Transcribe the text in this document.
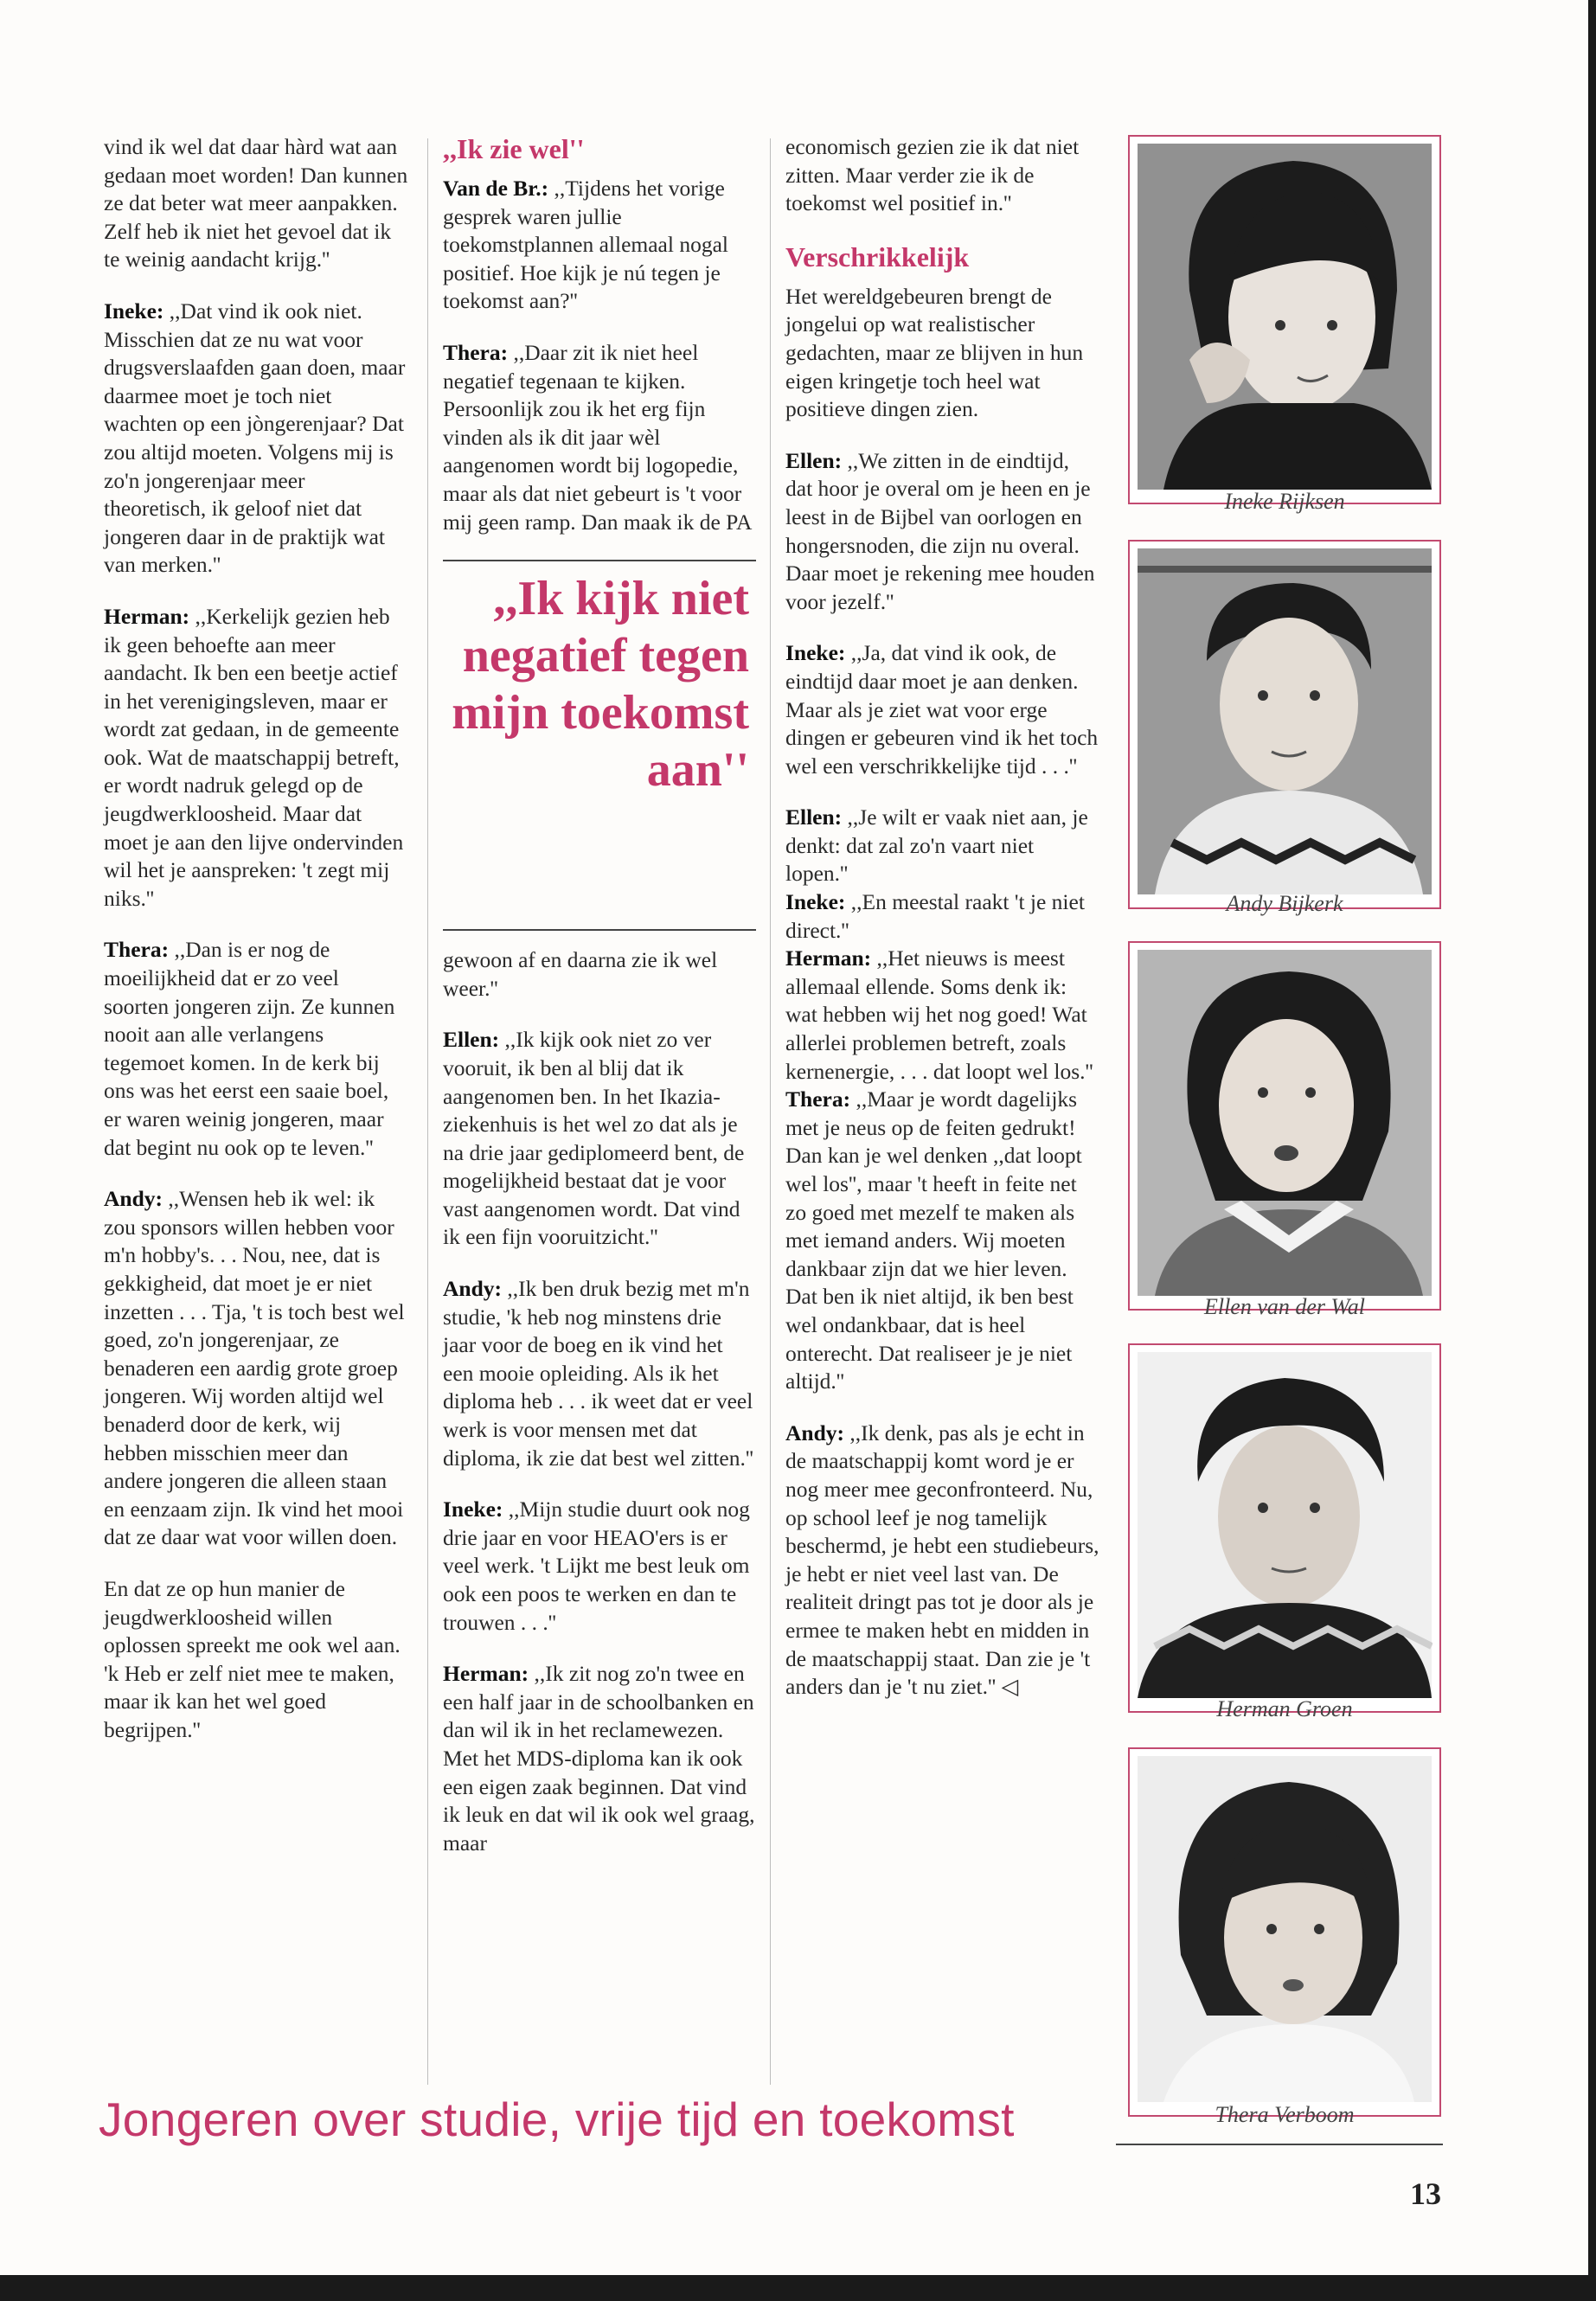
vind ik wel dat daar hàrd wat aan gedaan moet worden! Dan kunnen ze dat beter wat meer aanpakken. Zelf heb ik niet het gevoel dat ik te weinig aandacht krijg.''

Ineke: ,,Dat vind ik ook niet. Misschien dat ze nu wat voor drugsverslaafden gaan doen, maar daarmee moet je toch niet wachten op een jòngerenjaar? Dat zou altijd moeten. Volgens mij is zo'n jongerenjaar meer theoretisch, ik geloof niet dat jongeren daar in de praktijk wat van merken.''

Herman: ,,Kerkelijk gezien heb ik geen behoefte aan meer aandacht. Ik ben een beetje actief in het verenigingsleven, maar er wordt zat gedaan, in de gemeente ook. Wat de maatschappij betreft, er wordt nadruk gelegd op de jeugdwerkloosheid. Maar dat moet je aan den lijve ondervinden wil het je aanspreken: 't zegt mij niks.''

Thera: ,,Dan is er nog de moeilijkheid dat er zo veel soorten jongeren zijn. Ze kunnen nooit aan alle verlangens tegemoet komen. In de kerk bij ons was het eerst een saaie boel, er waren weinig jongeren, maar dat begint nu ook op te leven.''

Andy: ,,Wensen heb ik wel: ik zou sponsors willen hebben voor m'n hobby's. . . Nou, nee, dat is gekkigheid, dat moet je er niet inzetten . . . Tja, 't is toch best wel goed, zo'n jongerenjaar, ze benaderen een aardig grote groep jongeren. Wij worden altijd wel benaderd door de kerk, wij hebben misschien meer dan andere jongeren die alleen staan en eenzaam zijn. Ik vind het mooi dat ze daar wat voor willen doen.

En dat ze op hun manier de jeugdwerkloosheid willen oplossen spreekt me ook wel aan. 'k Heb er zelf niet mee te maken, maar ik kan het wel goed begrijpen.''

,,Ik zie wel''

Van de Br.: ,,Tijdens het vorige gesprek waren jullie toekomstplannen allemaal nogal positief. Hoe kijk je nú tegen je toekomst aan?''

Thera: ,,Daar zit ik niet heel negatief tegenaan te kijken. Persoonlijk zou ik het erg fijn vinden als ik dit jaar wèl aangenomen wordt bij logopedie, maar als dat niet gebeurt is 't voor mij geen ramp. Dan maak ik de PA

,,Ik kijk niet negatief tegen mijn toekomst aan''

gewoon af en daarna zie ik wel weer.''

Ellen: ,,Ik kijk ook niet zo ver vooruit, ik ben al blij dat ik aangenomen ben. In het Ikazia-ziekenhuis is het wel zo dat als je na drie jaar gediplomeerd bent, de mogelijkheid bestaat dat je voor vast aangenomen wordt. Dat vind ik een fijn vooruitzicht.''

Andy: ,,Ik ben druk bezig met m'n studie, 'k heb nog minstens drie jaar voor de boeg en ik vind het een mooie opleiding. Als ik het diploma heb . . . ik weet dat er veel werk is voor mensen met dat diploma, ik zie dat best wel zitten.''

Ineke: ,,Mijn studie duurt ook nog drie jaar en voor HEAO'ers is er veel werk. 't Lijkt me best leuk om ook een poos te werken en dan te trouwen . . .''

Herman: ,,Ik zit nog zo'n twee en een half jaar in de schoolbanken en dan wil ik in het reclamewezen. Met het MDS-diploma kan ik ook een eigen zaak beginnen. Dat vind ik leuk en dat wil ik ook wel graag, maar

economisch gezien zie ik dat niet zitten. Maar verder zie ik de toekomst wel positief in.''

Verschrikkelijk

Het wereldgebeuren brengt de jongelui op wat realistischer gedachten, maar ze blijven in hun eigen kringetje toch heel wat positieve dingen zien.

Ellen: ,,We zitten in de eindtijd, dat hoor je overal om je heen en je leest in de Bijbel van oorlogen en hongersnoden, die zijn nu overal. Daar moet je rekening mee houden voor jezelf.''

Ineke: ,,Ja, dat vind ik ook, de eindtijd daar moet je aan denken. Maar als je ziet wat voor erge dingen er gebeuren vind ik het toch wel een verschrikkelijke tijd . . .''

Ellen: ,,Je wilt er vaak niet aan, je denkt: dat zal zo'n vaart niet lopen.''

Ineke: ,,En meestal raakt 't je niet direct.''

Herman: ,,Het nieuws is meest allemaal ellende. Soms denk ik: wat hebben wij het nog goed! Wat allerlei problemen betreft, zoals kernenergie, . . . dat loopt wel los.''

Thera: ,,Maar je wordt dagelijks met je neus op de feiten gedrukt! Dan kan je wel denken ,,dat loopt wel los'', maar 't heeft in feite net zo goed met mezelf te maken als met iemand anders. Wij moeten dankbaar zijn dat we hier leven. Dat ben ik niet altijd, ik ben best wel ondankbaar, dat is heel onterecht. Dat realiseer je je niet altijd.''

Andy: ,,Ik denk, pas als je echt in de maatschappij komt word je er nog meer mee geconfronteerd. Nu, op school leef je nog tamelijk beschermd, je hebt een studiebeurs, je hebt er niet veel last van. De realiteit dringt pas tot je door als je ermee te maken hebt en midden in de maatschappij staat. Dan zie je 't anders dan je 't nu ziet.'' ◁

Ineke Rijksen
Andy Bijkerk
Ellen van der Wal
Herman Groen
Thera Verboom
Jongeren over studie, vrije tijd en toekomst
13
